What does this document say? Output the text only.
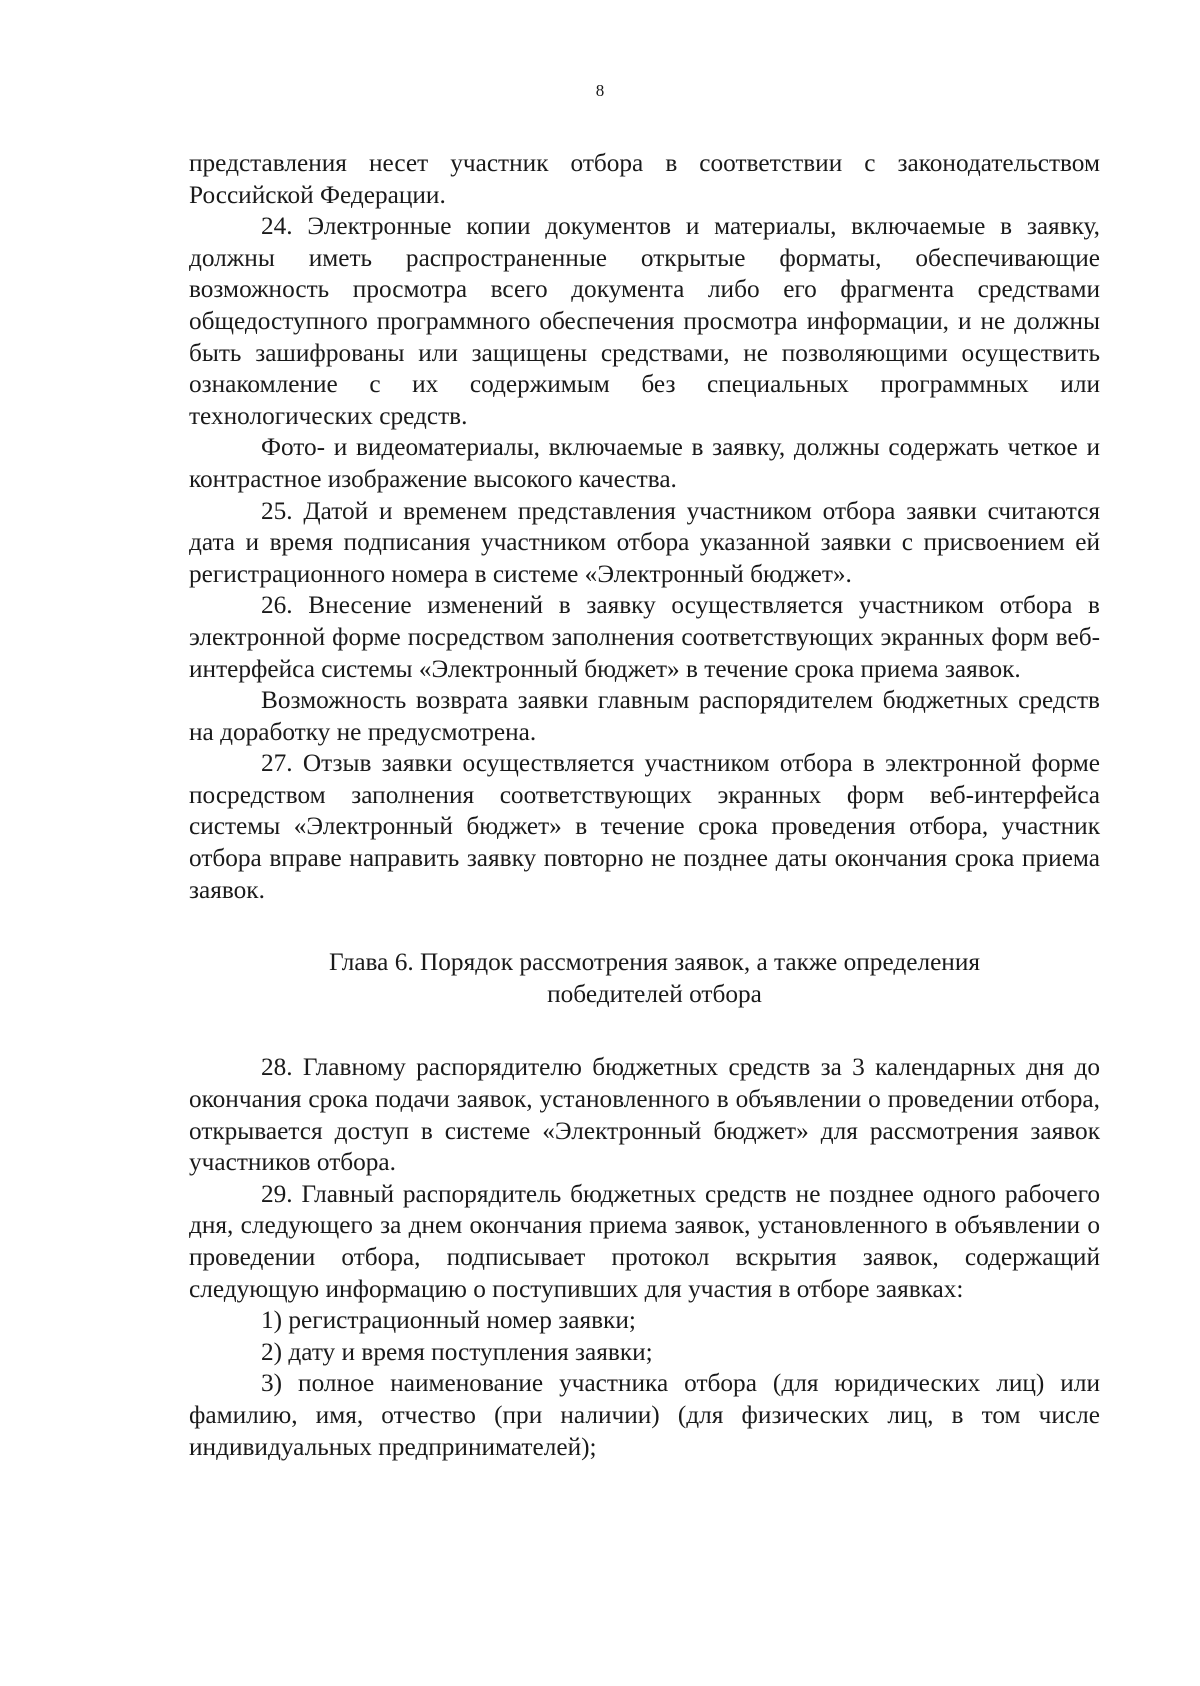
8

представления несет участник отбора в соответствии с законодательством Российской Федерации.

24. Электронные копии документов и материалы, включаемые в заявку, должны иметь распространенные открытые форматы, обеспечивающие возможность просмотра всего документа либо его фрагмента средствами общедоступного программного обеспечения просмотра информации, и не должны быть зашифрованы или защищены средствами, не позволяющими осуществить ознакомление с их содержимым без специальных программных или технологических средств.

Фото- и видеоматериалы, включаемые в заявку, должны содержать четкое и контрастное изображение высокого качества.

25. Датой и временем представления участником отбора заявки считаются дата и время подписания участником отбора указанной заявки с присвоением ей регистрационного номера в системе «Электронный бюджет».

26. Внесение изменений в заявку осуществляется участником отбора в электронной форме посредством заполнения соответствующих экранных форм веб-интерфейса системы «Электронный бюджет» в течение срока приема заявок.

Возможность возврата заявки главным распорядителем бюджетных средств на доработку не предусмотрена.

27. Отзыв заявки осуществляется участником отбора в электронной форме посредством заполнения соответствующих экранных форм веб-интерфейса системы «Электронный бюджет» в течение срока проведения отбора, участник отбора вправе направить заявку повторно не позднее даты окончания срока приема заявок.

Глава 6. Порядок рассмотрения заявок, а также определения

победителей отбора

28. Главному распорядителю бюджетных средств за 3 календарных дня до окончания срока подачи заявок, установленного в объявлении о проведении отбора, открывается доступ в системе «Электронный бюджет» для рассмотрения заявок участников отбора.

29. Главный распорядитель бюджетных средств не позднее одного рабочего дня, следующего за днем окончания приема заявок, установленного в объявлении о проведении отбора, подписывает протокол вскрытия заявок, содержащий следующую информацию о поступивших для участия в отборе заявках:

1) регистрационный номер заявки;

2) дату и время поступления заявки;

3) полное наименование участника отбора (для юридических лиц) или фамилию, имя, отчество (при наличии) (для физических лиц, в том числе индивидуальных предпринимателей);
